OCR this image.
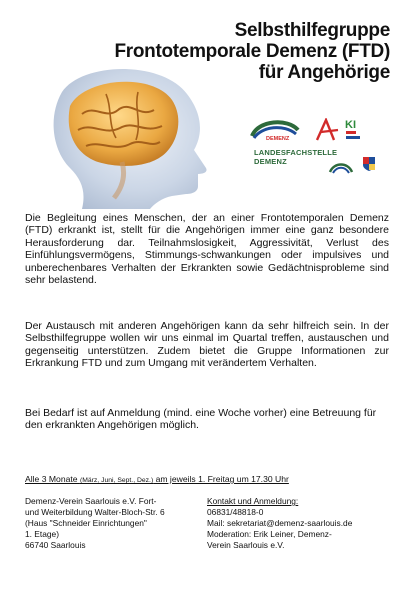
Selbsthilfegruppe
Frontotemporale Demenz (FTD)
für Angehörige
DEMENZ
KI
LANDESFACHSTELLE
DEMENZ

Die Begleitung eines Menschen, der an einer Frontotemporalen Demenz (FTD) erkrankt ist, stellt für die Angehörigen immer eine ganz besondere Herausforderung dar. Teilnahmslosigkeit, Aggressivität, Verlust des Einfühlungsvermögens, Stimmungs-schwankungen oder impulsives und unberechenbares Verhalten der Erkrankten sowie Gedächtnisprobleme sind sehr belastend.

Der Austausch mit anderen Angehörigen kann da sehr hilfreich sein. In der Selbsthilfegruppe wollen wir uns einmal im Quartal treffen, austauschen und gegenseitig unterstützen. Zudem bietet die Gruppe Informationen zur Erkrankung FTD und zum Umgang mit verändertem Verhalten.

Bei Bedarf ist auf Anmeldung (mind. eine Woche vorher) eine Betreuung für den erkrankten Angehörigen möglich.

Alle 3 Monate (März, Juni, Sept., Dez.) am jeweils 1. Freitag um 17.30 Uhr
Demenz-Verein Saarlouis e.V. Fort-
und Weiterbildung Walter-Bloch-Str. 6
(Haus "Schneider Einrichtungen"
1. Etage)
66740 Saarlouis
Kontakt und Anmeldung:
06831/48818-0
Mail: sekretariat@demenz-saarlouis.de
Moderation: Erik Leiner, Demenz-
Verein Saarlouis e.V.
